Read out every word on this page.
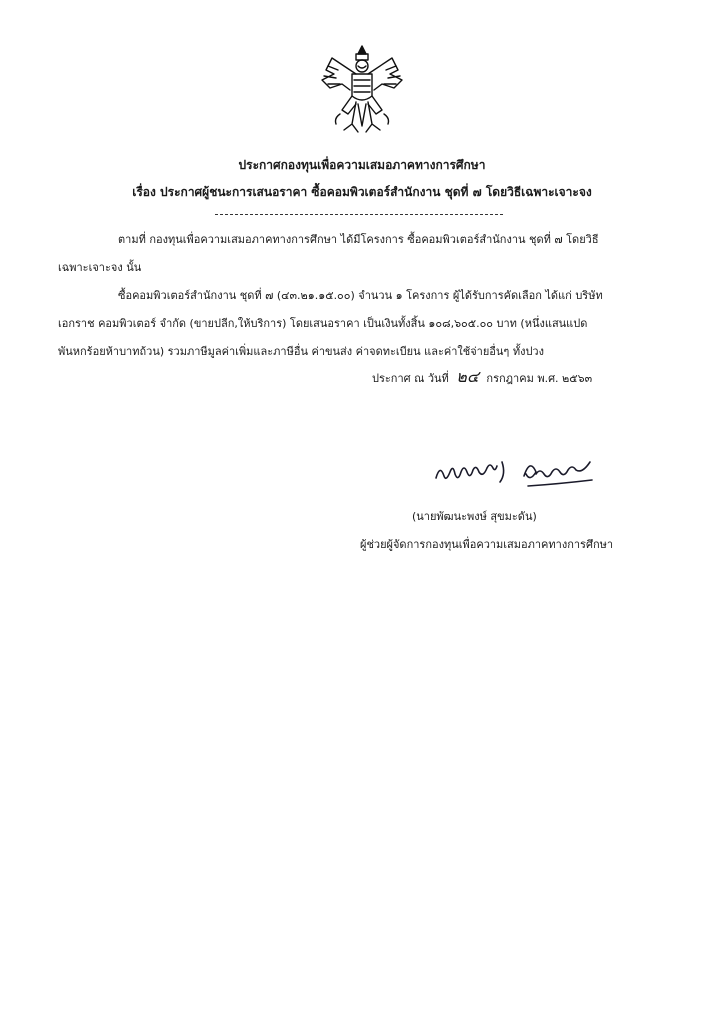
ประกาศกองทุนเพื่อความเสมอภาคทางการศึกษา
เรื่อง ประกาศผู้ชนะการเสนอราคา ซื้อคอมพิวเตอร์สำนักงาน ชุดที่ ๗ โดยวิธีเฉพาะเจาะจง
ตามที่ กองทุนเพื่อความเสมอภาคทางการศึกษา ได้มีโครงการ ซื้อคอมพิวเตอร์สำนักงาน ชุดที่ ๗ โดยวิธี
เฉพาะเจาะจง นั้น
ซื้อคอมพิวเตอร์สำนักงาน ชุดที่ ๗ (๔๓.๒๑.๑๕.๐๐) จำนวน ๑ โครงการ ผู้ได้รับการคัดเลือก ได้แก่ บริษัท
เอกราช คอมพิวเตอร์ จำกัด (ขายปลีก,ให้บริการ) โดยเสนอราคา เป็นเงินทั้งสิ้น ๑๐๘,๖๐๕.๐๐ บาท (หนึ่งแสนแปด
พันหกร้อยห้าบาทถ้วน) รวมภาษีมูลค่าเพิ่มและภาษีอื่น ค่าขนส่ง ค่าจดทะเบียน และค่าใช้จ่ายอื่นๆ ทั้งปวง
ประกาศ ณ วันที่ ๒๔ กรกฎาคม พ.ศ. ๒๕๖๓
(นายพัฒนะพงษ์ สุขมะดัน)
ผู้ช่วยผู้จัดการกองทุนเพื่อความเสมอภาคทางการศึกษา
